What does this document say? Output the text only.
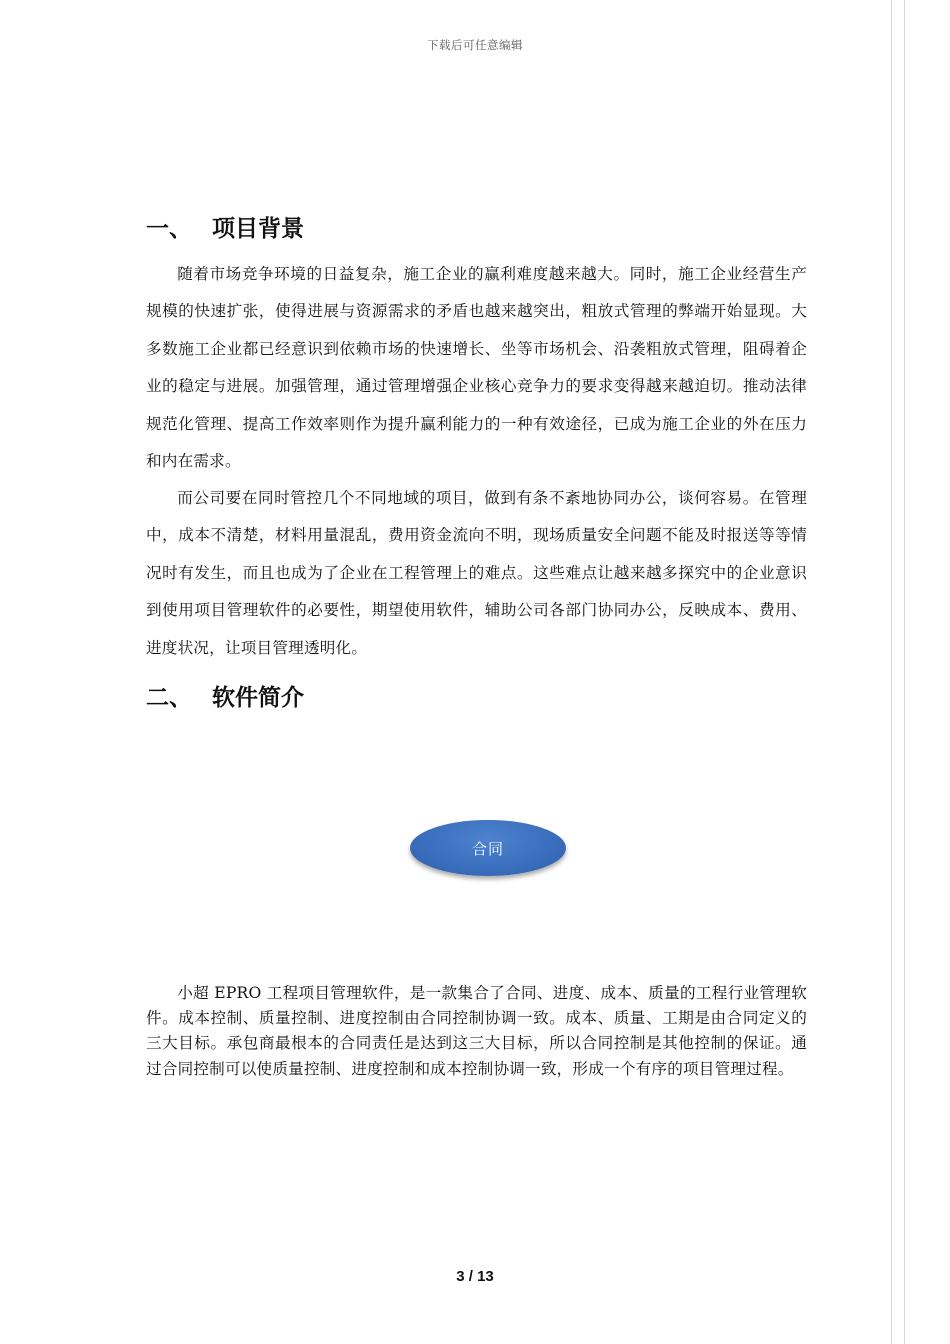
下载后可任意编辑
一、 项目背景

随着市场竞争环境的日益复杂，施工企业的赢利难度越来越大。同时，施工企业经营生产规模的快速扩张，使得进展与资源需求的矛盾也越来越突出，粗放式管理的弊端开始显现。大多数施工企业都已经意识到依赖市场的快速增长、坐等市场机会、沿袭粗放式管理，阻碍着企业的稳定与进展。加强管理，通过管理增强企业核心竞争力的要求变得越来越迫切。推动法律规范化管理、提高工作效率则作为提升赢利能力的一种有效途径，已成为施工企业的外在压力和内在需求。

而公司要在同时管控几个不同地域的项目，做到有条不紊地协同办公，谈何容易。在管理中，成本不清楚，材料用量混乱，费用资金流向不明，现场质量安全问题不能及时报送等等情况时有发生，而且也成为了企业在工程管理上的难点。这些难点让越来越多探究中的企业意识到使用项目管理软件的必要性，期望使用软件，辅助公司各部门协同办公，反映成本、费用、进度状况，让项目管理透明化。

二、 软件简介
合同

小超 EPRO 工程项目管理软件，是一款集合了合同、进度、成本、质量的工程行业管理软件。成本控制、质量控制、进度控制由合同控制协调一致。成本、质量、工期是由合同定义的三大目标。承包商最根本的合同责任是达到这三大目标，所以合同控制是其他控制的保证。通过合同控制可以使质量控制、进度控制和成本控制协调一致，形成一个有序的项目管理过程。

3 / 13
